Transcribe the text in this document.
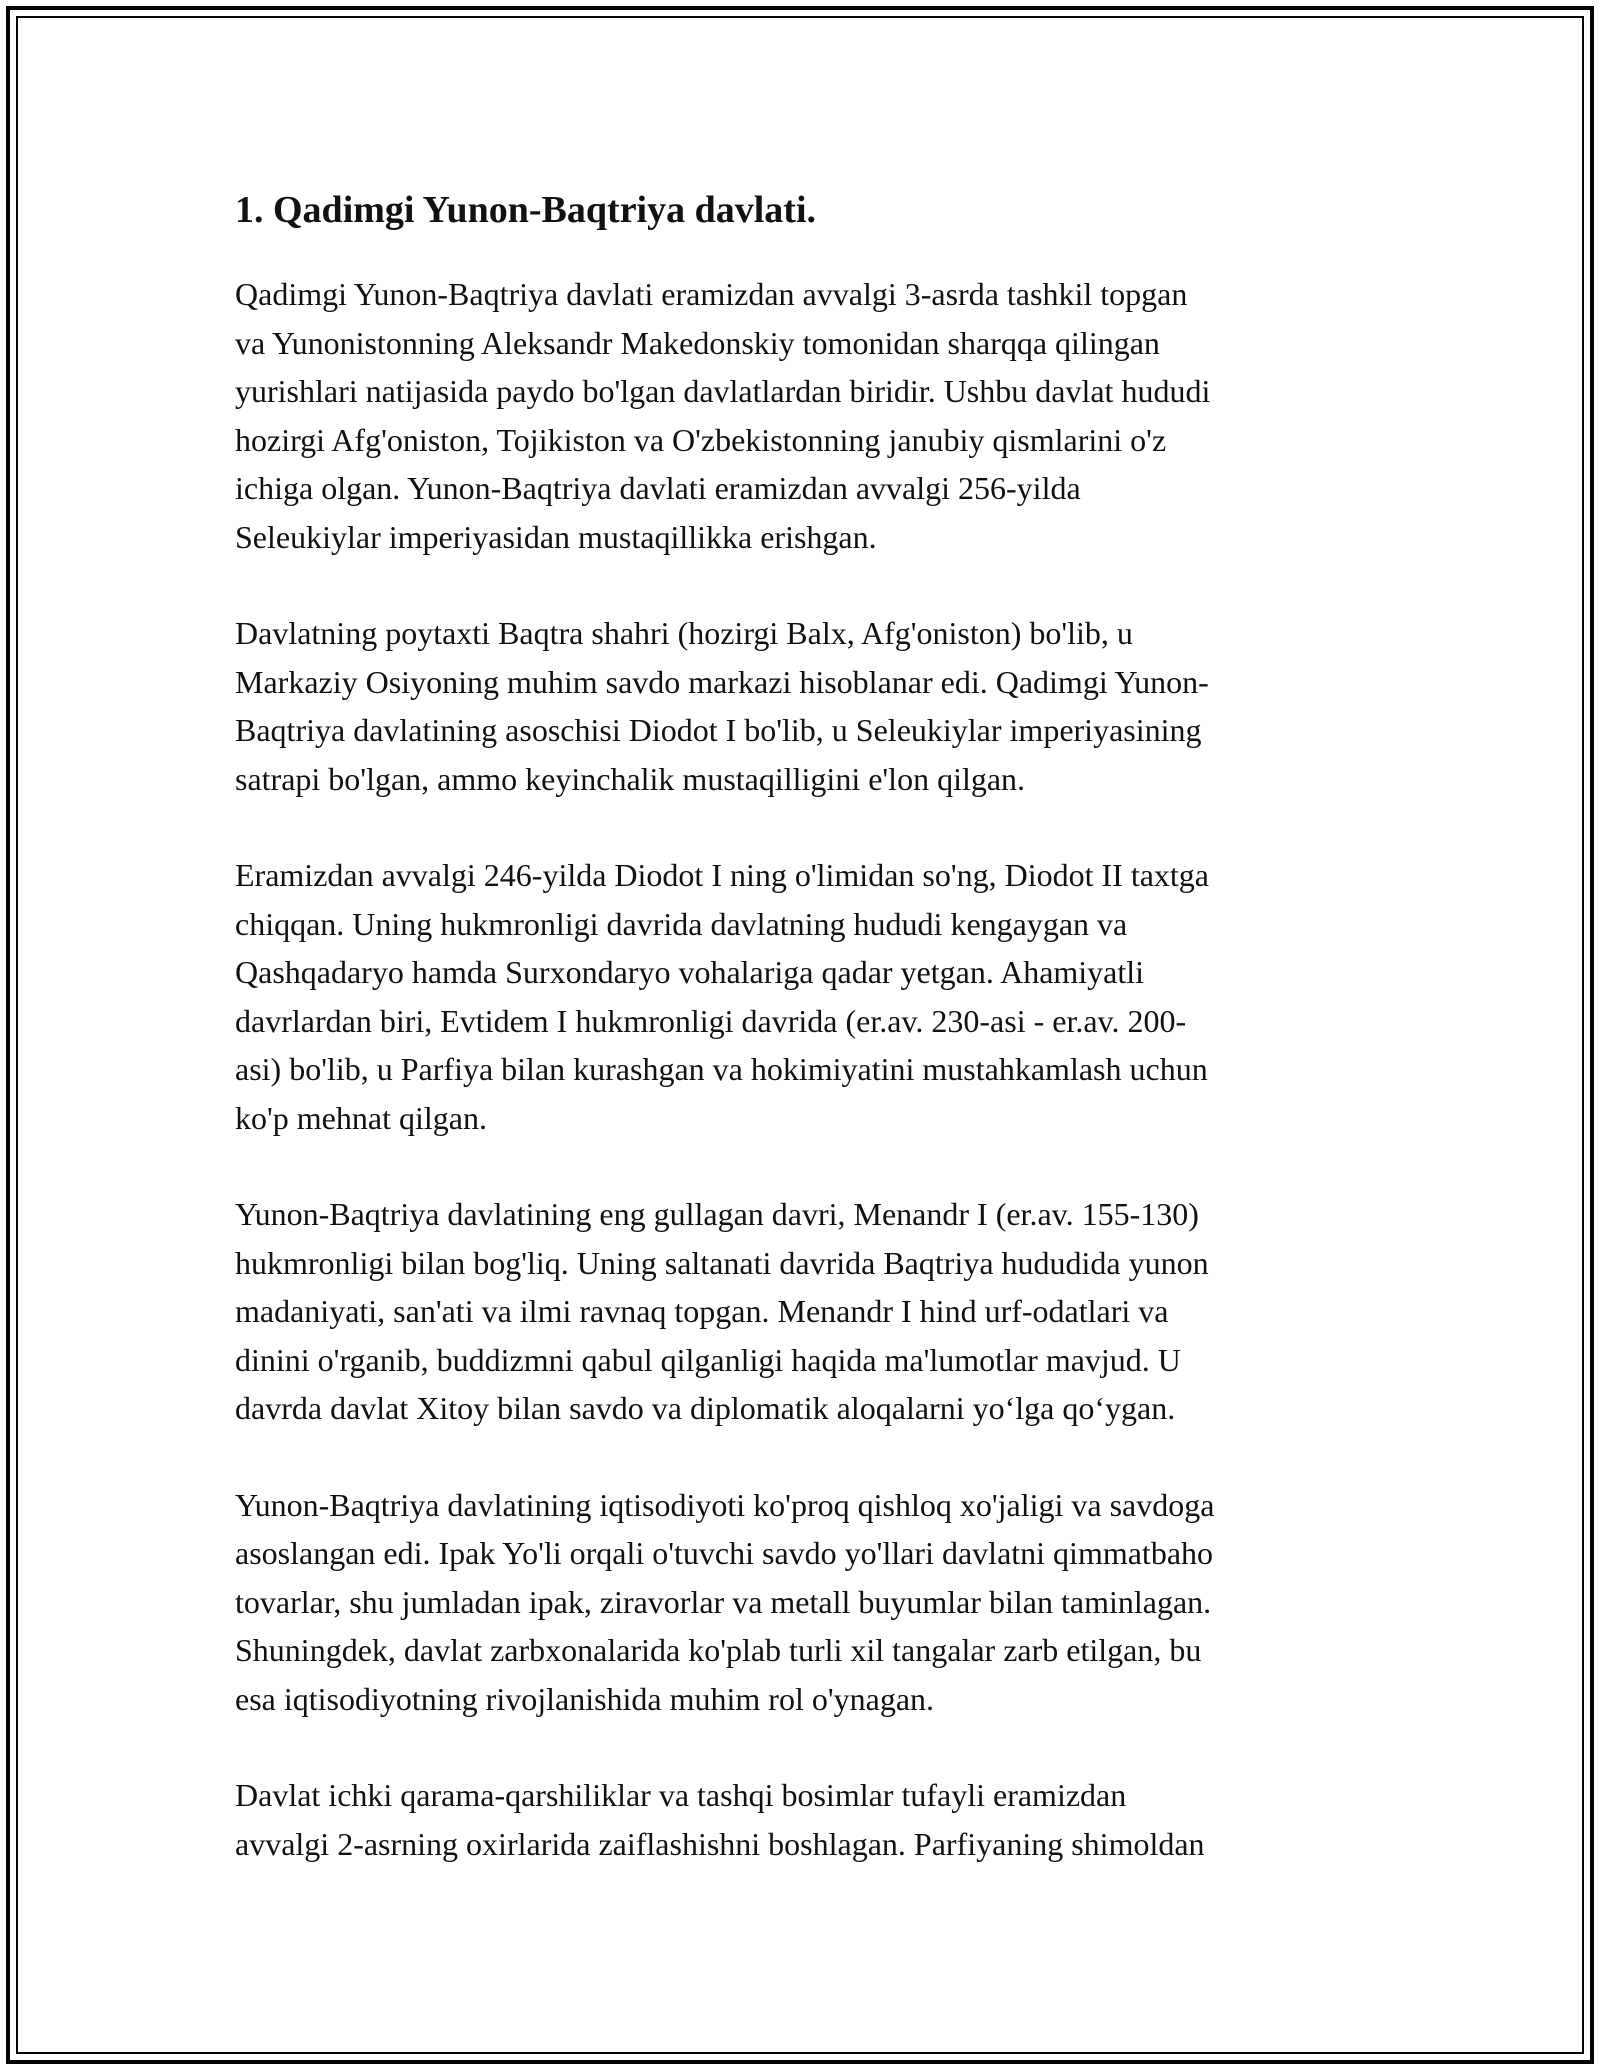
1. Qadimgi Yunon-Baqtriya davlati.

Qadimgi Yunon-Baqtriya davlati eramizdan avvalgi 3-asrda tashkil topgan
va Yunonistonning Aleksandr Makedonskiy tomonidan sharqqa qilingan
yurishlari natijasida paydo bo'lgan davlatlardan biridir. Ushbu davlat hududi
hozirgi Afg'oniston, Tojikiston va O'zbekistonning janubiy qismlarini o'z
ichiga olgan. Yunon-Baqtriya davlati eramizdan avvalgi 256-yilda
Seleukiylar imperiyasidan mustaqillikka erishgan.

Davlatning poytaxti Baqtra shahri (hozirgi Balx, Afg'oniston) bo'lib, u
Markaziy Osiyoning muhim savdo markazi hisoblanar edi. Qadimgi Yunon-
Baqtriya davlatining asoschisi Diodot I bo'lib, u Seleukiylar imperiyasining
satrapi bo'lgan, ammo keyinchalik mustaqilligini e'lon qilgan.

Eramizdan avvalgi 246-yilda Diodot I ning o'limidan so'ng, Diodot II taxtga
chiqqan. Uning hukmronligi davrida davlatning hududi kengaygan va
Qashqadaryo hamda Surxondaryo vohalariga qadar yetgan. Ahamiyatli
davrlardan biri, Evtidem I hukmronligi davrida (er.av. 230-asi - er.av. 200-
asi) bo'lib, u Parfiya bilan kurashgan va hokimiyatini mustahkamlash uchun
ko'p mehnat qilgan.

Yunon-Baqtriya davlatining eng gullagan davri, Menandr I (er.av. 155-130)
hukmronligi bilan bog'liq. Uning saltanati davrida Baqtriya hududida yunon
madaniyati, san'ati va ilmi ravnaq topgan. Menandr I hind urf-odatlari va
dinini o'rganib, buddizmni qabul qilganligi haqida ma'lumotlar mavjud. U
davrda davlat Xitoy bilan savdo va diplomatik aloqalarni yo‘lga qo‘ygan.

Yunon-Baqtriya davlatining iqtisodiyoti ko'proq qishloq xo'jaligi va savdoga
asoslangan edi. Ipak Yo'li orqali o'tuvchi savdo yo'llari davlatni qimmatbaho
tovarlar, shu jumladan ipak, ziravorlar va metall buyumlar bilan taminlagan.
Shuningdek, davlat zarbxonalarida ko'plab turli xil tangalar zarb etilgan, bu
esa iqtisodiyotning rivojlanishida muhim rol o'ynagan.

Davlat ichki qarama-qarshiliklar va tashqi bosimlar tufayli eramizdan
avvalgi 2-asrning oxirlarida zaiflashishni boshlagan. Parfiyaning shimoldan
